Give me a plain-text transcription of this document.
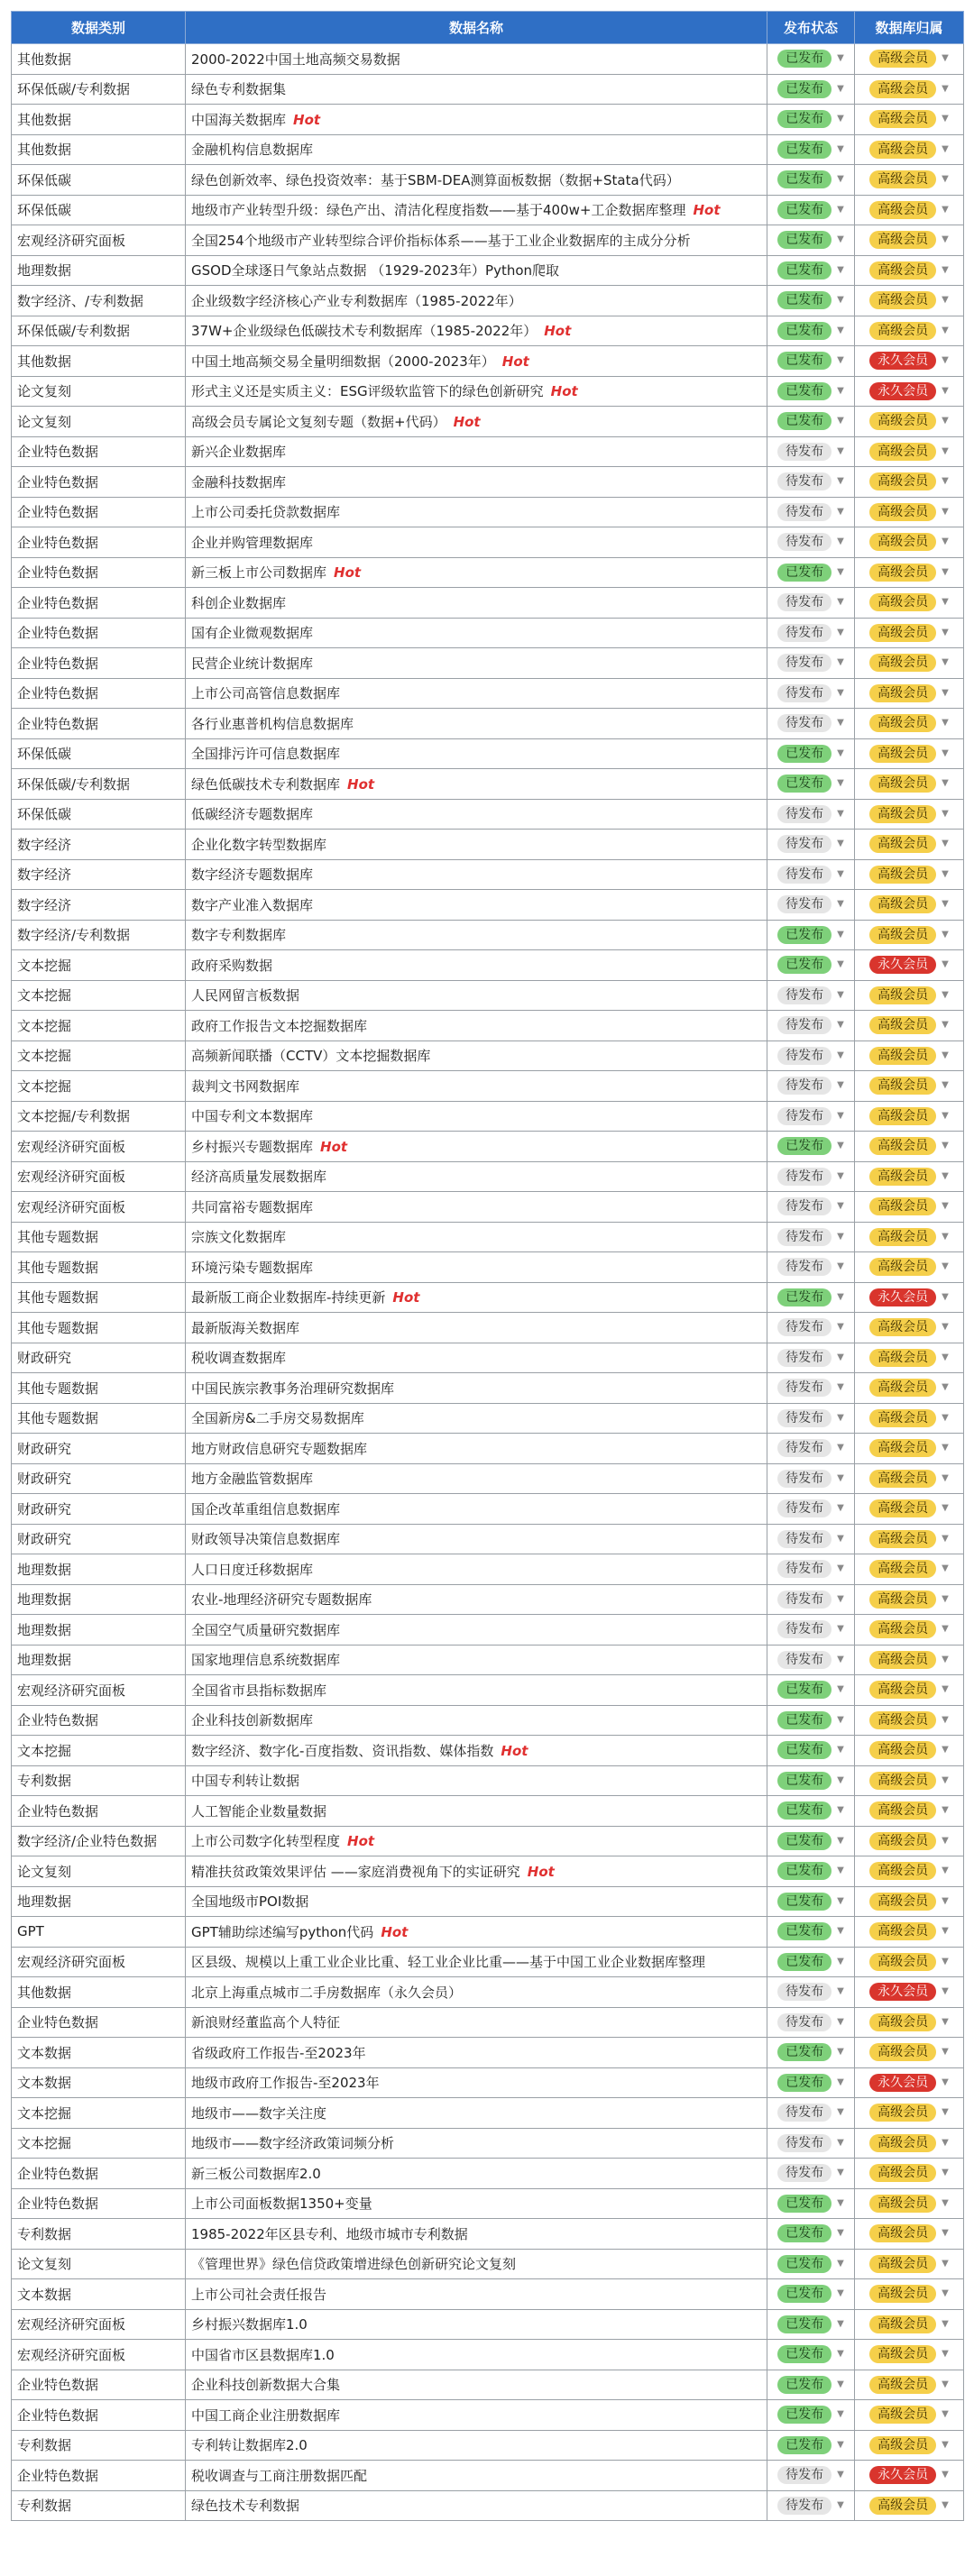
数据类别	数据名称	发布状态	数据库归属
其他数据	2000-2022中国土地高频交易数据	已发布 ▼	高级会员 ▼
环保低碳/专利数据	绿色专利数据集	已发布 ▼	高级会员 ▼
其他数据	中国海关数据库 Hot	已发布 ▼	高级会员 ▼
其他数据	金融机构信息数据库	已发布 ▼	高级会员 ▼
环保低碳	绿色创新效率、绿色投资效率：基于SBM-DEA测算面板数据（数据+Stata代码）	已发布 ▼	高级会员 ▼
环保低碳	地级市产业转型升级：绿色产出、清洁化程度指数——基于400w+工企数据库整理 Hot	已发布 ▼	高级会员 ▼
宏观经济研究面板	全国254个地级市产业转型综合评价指标体系——基于工业企业数据库的主成分分析	已发布 ▼	高级会员 ▼
地理数据	GSOD全球逐日气象站点数据 （1929-2023年）Python爬取	已发布 ▼	高级会员 ▼
数字经济、/专利数据	企业级数字经济核心产业专利数据库（1985-2022年）	已发布 ▼	高级会员 ▼
环保低碳/专利数据	37W+企业级绿色低碳技术专利数据库（1985-2022年） Hot	已发布 ▼	高级会员 ▼
其他数据	中国土地高频交易全量明细数据（2000-2023年） Hot	已发布 ▼	永久会员 ▼
论文复刻	形式主义还是实质主义：ESG评级软监管下的绿色创新研究 Hot	已发布 ▼	永久会员 ▼
论文复刻	高级会员专属论文复刻专题（数据+代码） Hot	已发布 ▼	高级会员 ▼
企业特色数据	新兴企业数据库	待发布 ▼	高级会员 ▼
企业特色数据	金融科技数据库	待发布 ▼	高级会员 ▼
企业特色数据	上市公司委托贷款数据库	待发布 ▼	高级会员 ▼
企业特色数据	企业并购管理数据库	待发布 ▼	高级会员 ▼
企业特色数据	新三板上市公司数据库 Hot	已发布 ▼	高级会员 ▼
企业特色数据	科创企业数据库	待发布 ▼	高级会员 ▼
企业特色数据	国有企业微观数据库	待发布 ▼	高级会员 ▼
企业特色数据	民营企业统计数据库	待发布 ▼	高级会员 ▼
企业特色数据	上市公司高管信息数据库	待发布 ▼	高级会员 ▼
企业特色数据	各行业惠普机构信息数据库	待发布 ▼	高级会员 ▼
环保低碳	全国排污许可信息数据库	已发布 ▼	高级会员 ▼
环保低碳/专利数据	绿色低碳技术专利数据库 Hot	已发布 ▼	高级会员 ▼
环保低碳	低碳经济专题数据库	待发布 ▼	高级会员 ▼
数字经济	企业化数字转型数据库	待发布 ▼	高级会员 ▼
数字经济	数字经济专题数据库	待发布 ▼	高级会员 ▼
数字经济	数字产业准入数据库	待发布 ▼	高级会员 ▼
数字经济/专利数据	数字专利数据库	已发布 ▼	高级会员 ▼
文本挖掘	政府采购数据	已发布 ▼	永久会员 ▼
文本挖掘	人民网留言板数据	待发布 ▼	高级会员 ▼
文本挖掘	政府工作报告文本挖掘数据库	待发布 ▼	高级会员 ▼
文本挖掘	高频新闻联播（CCTV）文本挖掘数据库	待发布 ▼	高级会员 ▼
文本挖掘	裁判文书网数据库	待发布 ▼	高级会员 ▼
文本挖掘/专利数据	中国专利文本数据库	待发布 ▼	高级会员 ▼
宏观经济研究面板	乡村振兴专题数据库 Hot	已发布 ▼	高级会员 ▼
宏观经济研究面板	经济高质量发展数据库	待发布 ▼	高级会员 ▼
宏观经济研究面板	共同富裕专题数据库	待发布 ▼	高级会员 ▼
其他专题数据	宗族文化数据库	待发布 ▼	高级会员 ▼
其他专题数据	环境污染专题数据库	待发布 ▼	高级会员 ▼
其他专题数据	最新版工商企业数据库-持续更新 Hot	已发布 ▼	永久会员 ▼
其他专题数据	最新版海关数据库	待发布 ▼	高级会员 ▼
财政研究	税收调查数据库	待发布 ▼	高级会员 ▼
其他专题数据	中国民族宗教事务治理研究数据库	待发布 ▼	高级会员 ▼
其他专题数据	全国新房&二手房交易数据库	待发布 ▼	高级会员 ▼
财政研究	地方财政信息研究专题数据库	待发布 ▼	高级会员 ▼
财政研究	地方金融监管数据库	待发布 ▼	高级会员 ▼
财政研究	国企改革重组信息数据库	待发布 ▼	高级会员 ▼
财政研究	财政领导决策信息数据库	待发布 ▼	高级会员 ▼
地理数据	人口日度迁移数据库	待发布 ▼	高级会员 ▼
地理数据	农业-地理经济研究专题数据库	待发布 ▼	高级会员 ▼
地理数据	全国空气质量研究数据库	待发布 ▼	高级会员 ▼
地理数据	国家地理信息系统数据库	待发布 ▼	高级会员 ▼
宏观经济研究面板	全国省市县指标数据库	已发布 ▼	高级会员 ▼
企业特色数据	企业科技创新数据库	已发布 ▼	高级会员 ▼
文本挖掘	数字经济、数字化-百度指数、资讯指数、媒体指数 Hot	已发布 ▼	高级会员 ▼
专利数据	中国专利转让数据	已发布 ▼	高级会员 ▼
企业特色数据	人工智能企业数量数据	已发布 ▼	高级会员 ▼
数字经济/企业特色数据	上市公司数字化转型程度 Hot	已发布 ▼	高级会员 ▼
论文复刻	精准扶贫政策效果评估 ——家庭消费视角下的实证研究 Hot	已发布 ▼	高级会员 ▼
地理数据	全国地级市POI数据	已发布 ▼	高级会员 ▼
GPT	GPT辅助综述编写python代码 Hot	已发布 ▼	高级会员 ▼
宏观经济研究面板	区县级、规模以上重工业企业比重、轻工业企业比重——基于中国工业企业数据库整理	已发布 ▼	高级会员 ▼
其他数据	北京上海重点城市二手房数据库（永久会员）	待发布 ▼	永久会员 ▼
企业特色数据	新浪财经董监高个人特征	待发布 ▼	高级会员 ▼
文本数据	省级政府工作报告-至2023年	已发布 ▼	高级会员 ▼
文本数据	地级市政府工作报告-至2023年	已发布 ▼	永久会员 ▼
文本挖掘	地级市——数字关注度	待发布 ▼	高级会员 ▼
文本挖掘	地级市——数字经济政策词频分析	待发布 ▼	高级会员 ▼
企业特色数据	新三板公司数据库2.0	待发布 ▼	高级会员 ▼
企业特色数据	上市公司面板数据1350+变量	已发布 ▼	高级会员 ▼
专利数据	1985-2022年区县专利、地级市城市专利数据	已发布 ▼	高级会员 ▼
论文复刻	《管理世界》绿色信贷政策增进绿色创新研究论文复刻	已发布 ▼	高级会员 ▼
文本数据	上市公司社会责任报告	已发布 ▼	高级会员 ▼
宏观经济研究面板	乡村振兴数据库1.0	已发布 ▼	高级会员 ▼
宏观经济研究面板	中国省市区县数据库1.0	已发布 ▼	高级会员 ▼
企业特色数据	企业科技创新数据大合集	已发布 ▼	高级会员 ▼
企业特色数据	中国工商企业注册数据库	已发布 ▼	高级会员 ▼
专利数据	专利转让数据库2.0	已发布 ▼	高级会员 ▼
企业特色数据	税收调查与工商注册数据匹配	待发布 ▼	永久会员 ▼
专利数据	绿色技术专利数据	待发布 ▼	高级会员 ▼
